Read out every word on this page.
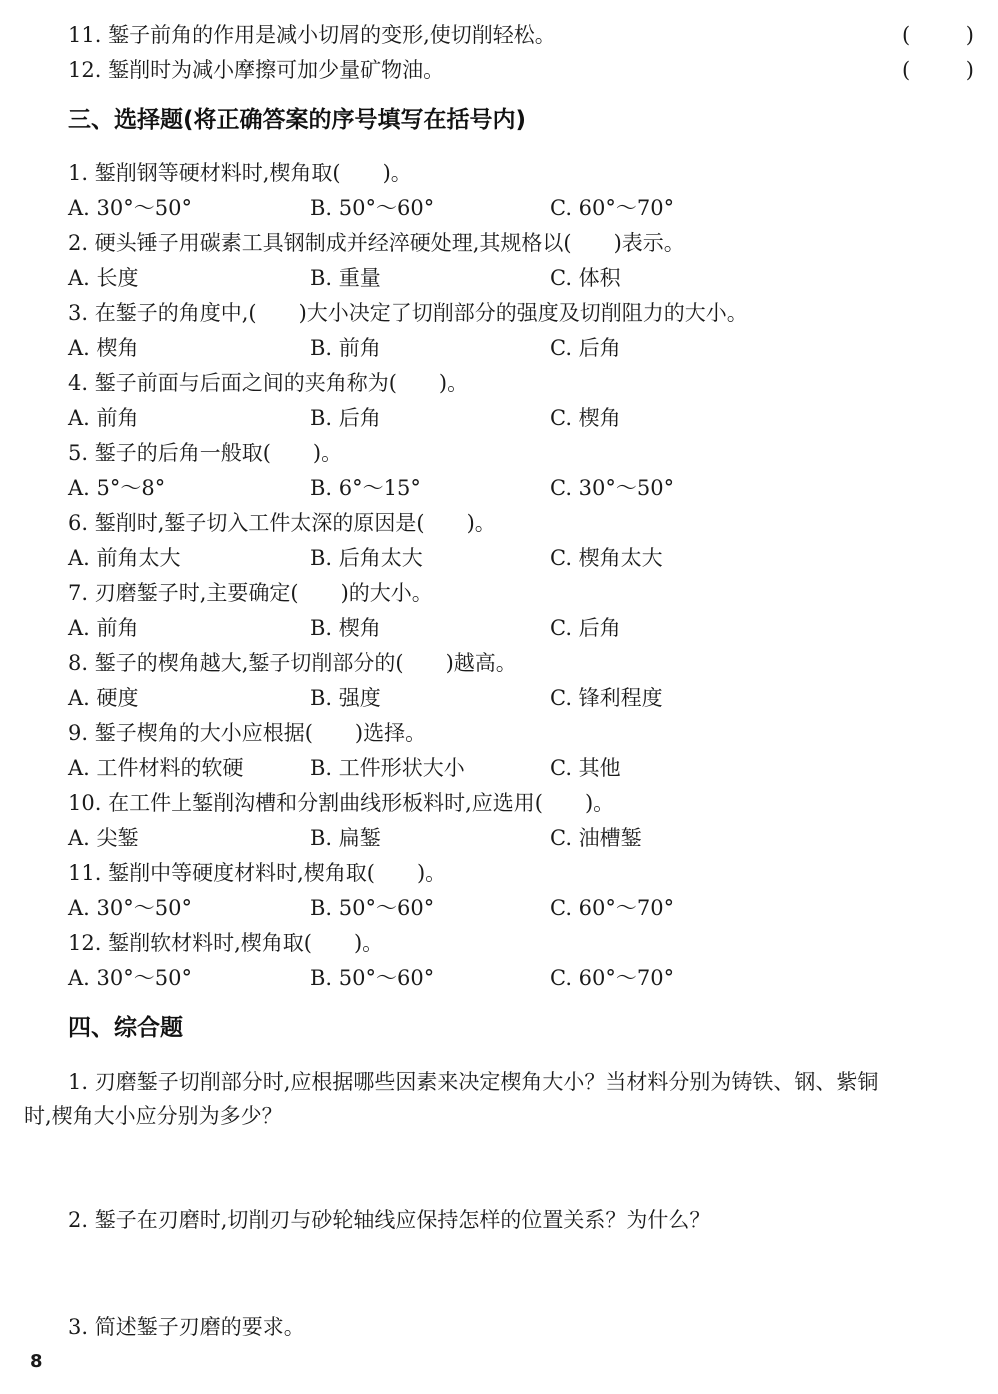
11. 錾子前角的作用是减小切屑的变形,使切削轻松。	(	)
12. 錾削时为减小摩擦可加少量矿物油。	(	)
三、选择题(将正确答案的序号填写在括号内)
1. 錾削钢等硬材料时,楔角取(　　)。
A. 30°～50°	B. 50°～60°	C. 60°～70°
2. 硬头锤子用碳素工具钢制成并经淬硬处理,其规格以(　　)表示。
A. 长度	B. 重量	C. 体积
3. 在錾子的角度中,(　　)大小决定了切削部分的强度及切削阻力的大小。
A. 楔角	B. 前角	C. 后角
4. 錾子前面与后面之间的夹角称为(　　)。
A. 前角	B. 后角	C. 楔角
5. 錾子的后角一般取(　　)。
A. 5°～8°	B. 6°～15°	C. 30°～50°
6. 錾削时,錾子切入工件太深的原因是(　　)。
A. 前角太大	B. 后角太大	C. 楔角太大
7. 刃磨錾子时,主要确定(　　)的大小。
A. 前角	B. 楔角	C. 后角
8. 錾子的楔角越大,錾子切削部分的(　　)越高。
A. 硬度	B. 强度	C. 锋利程度
9. 錾子楔角的大小应根据(　　)选择。
A. 工件材料的软硬	B. 工件形状大小	C. 其他
10. 在工件上錾削沟槽和分割曲线形板料时,应选用(　　)。
A. 尖錾	B. 扁錾	C. 油槽錾
11. 錾削中等硬度材料时,楔角取(　　)。
A. 30°～50°	B. 50°～60°	C. 60°～70°
12. 錾削软材料时,楔角取(　　)。
A. 30°～50°	B. 50°～60°	C. 60°～70°
四、综合题
1. 刃磨錾子切削部分时,应根据哪些因素来决定楔角大小？当材料分别为铸铁、钢、紫铜
时,楔角大小应分别为多少？
2. 錾子在刃磨时,切削刃与砂轮轴线应保持怎样的位置关系？为什么？
3. 简述錾子刃磨的要求。
8
